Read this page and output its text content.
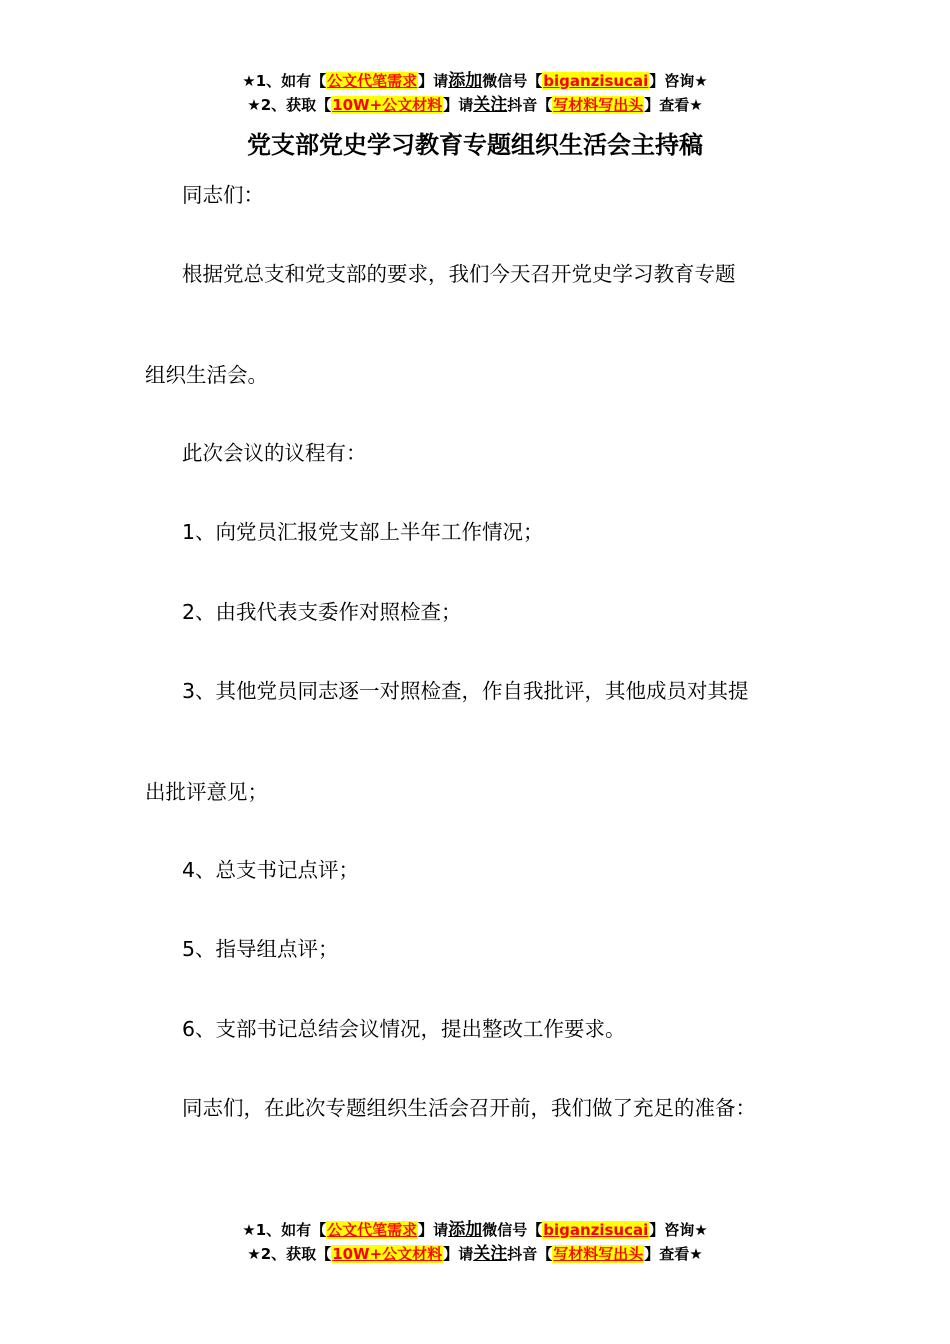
★1、如有【公文代笔需求】请添加微信号【biganzisucai】咨询★
★2、获取【10W+公文材料】请关注抖音【写材料写出头】查看★
党支部党史学习教育专题组织生活会主持稿
同志们：
根据党总支和党支部的要求，我们今天召开党史学习教育专题
组织生活会。
此次会议的议程有：
1、向党员汇报党支部上半年工作情况；
2、由我代表支委作对照检查；
3、其他党员同志逐一对照检查，作自我批评，其他成员对其提
出批评意见；
4、总支书记点评；
5、指导组点评；
6、支部书记总结会议情况，提出整改工作要求。
同志们，在此次专题组织生活会召开前，我们做了充足的准备：
★1、如有【公文代笔需求】请添加微信号【biganzisucai】咨询★
★2、获取【10W+公文材料】请关注抖音【写材料写出头】查看★
